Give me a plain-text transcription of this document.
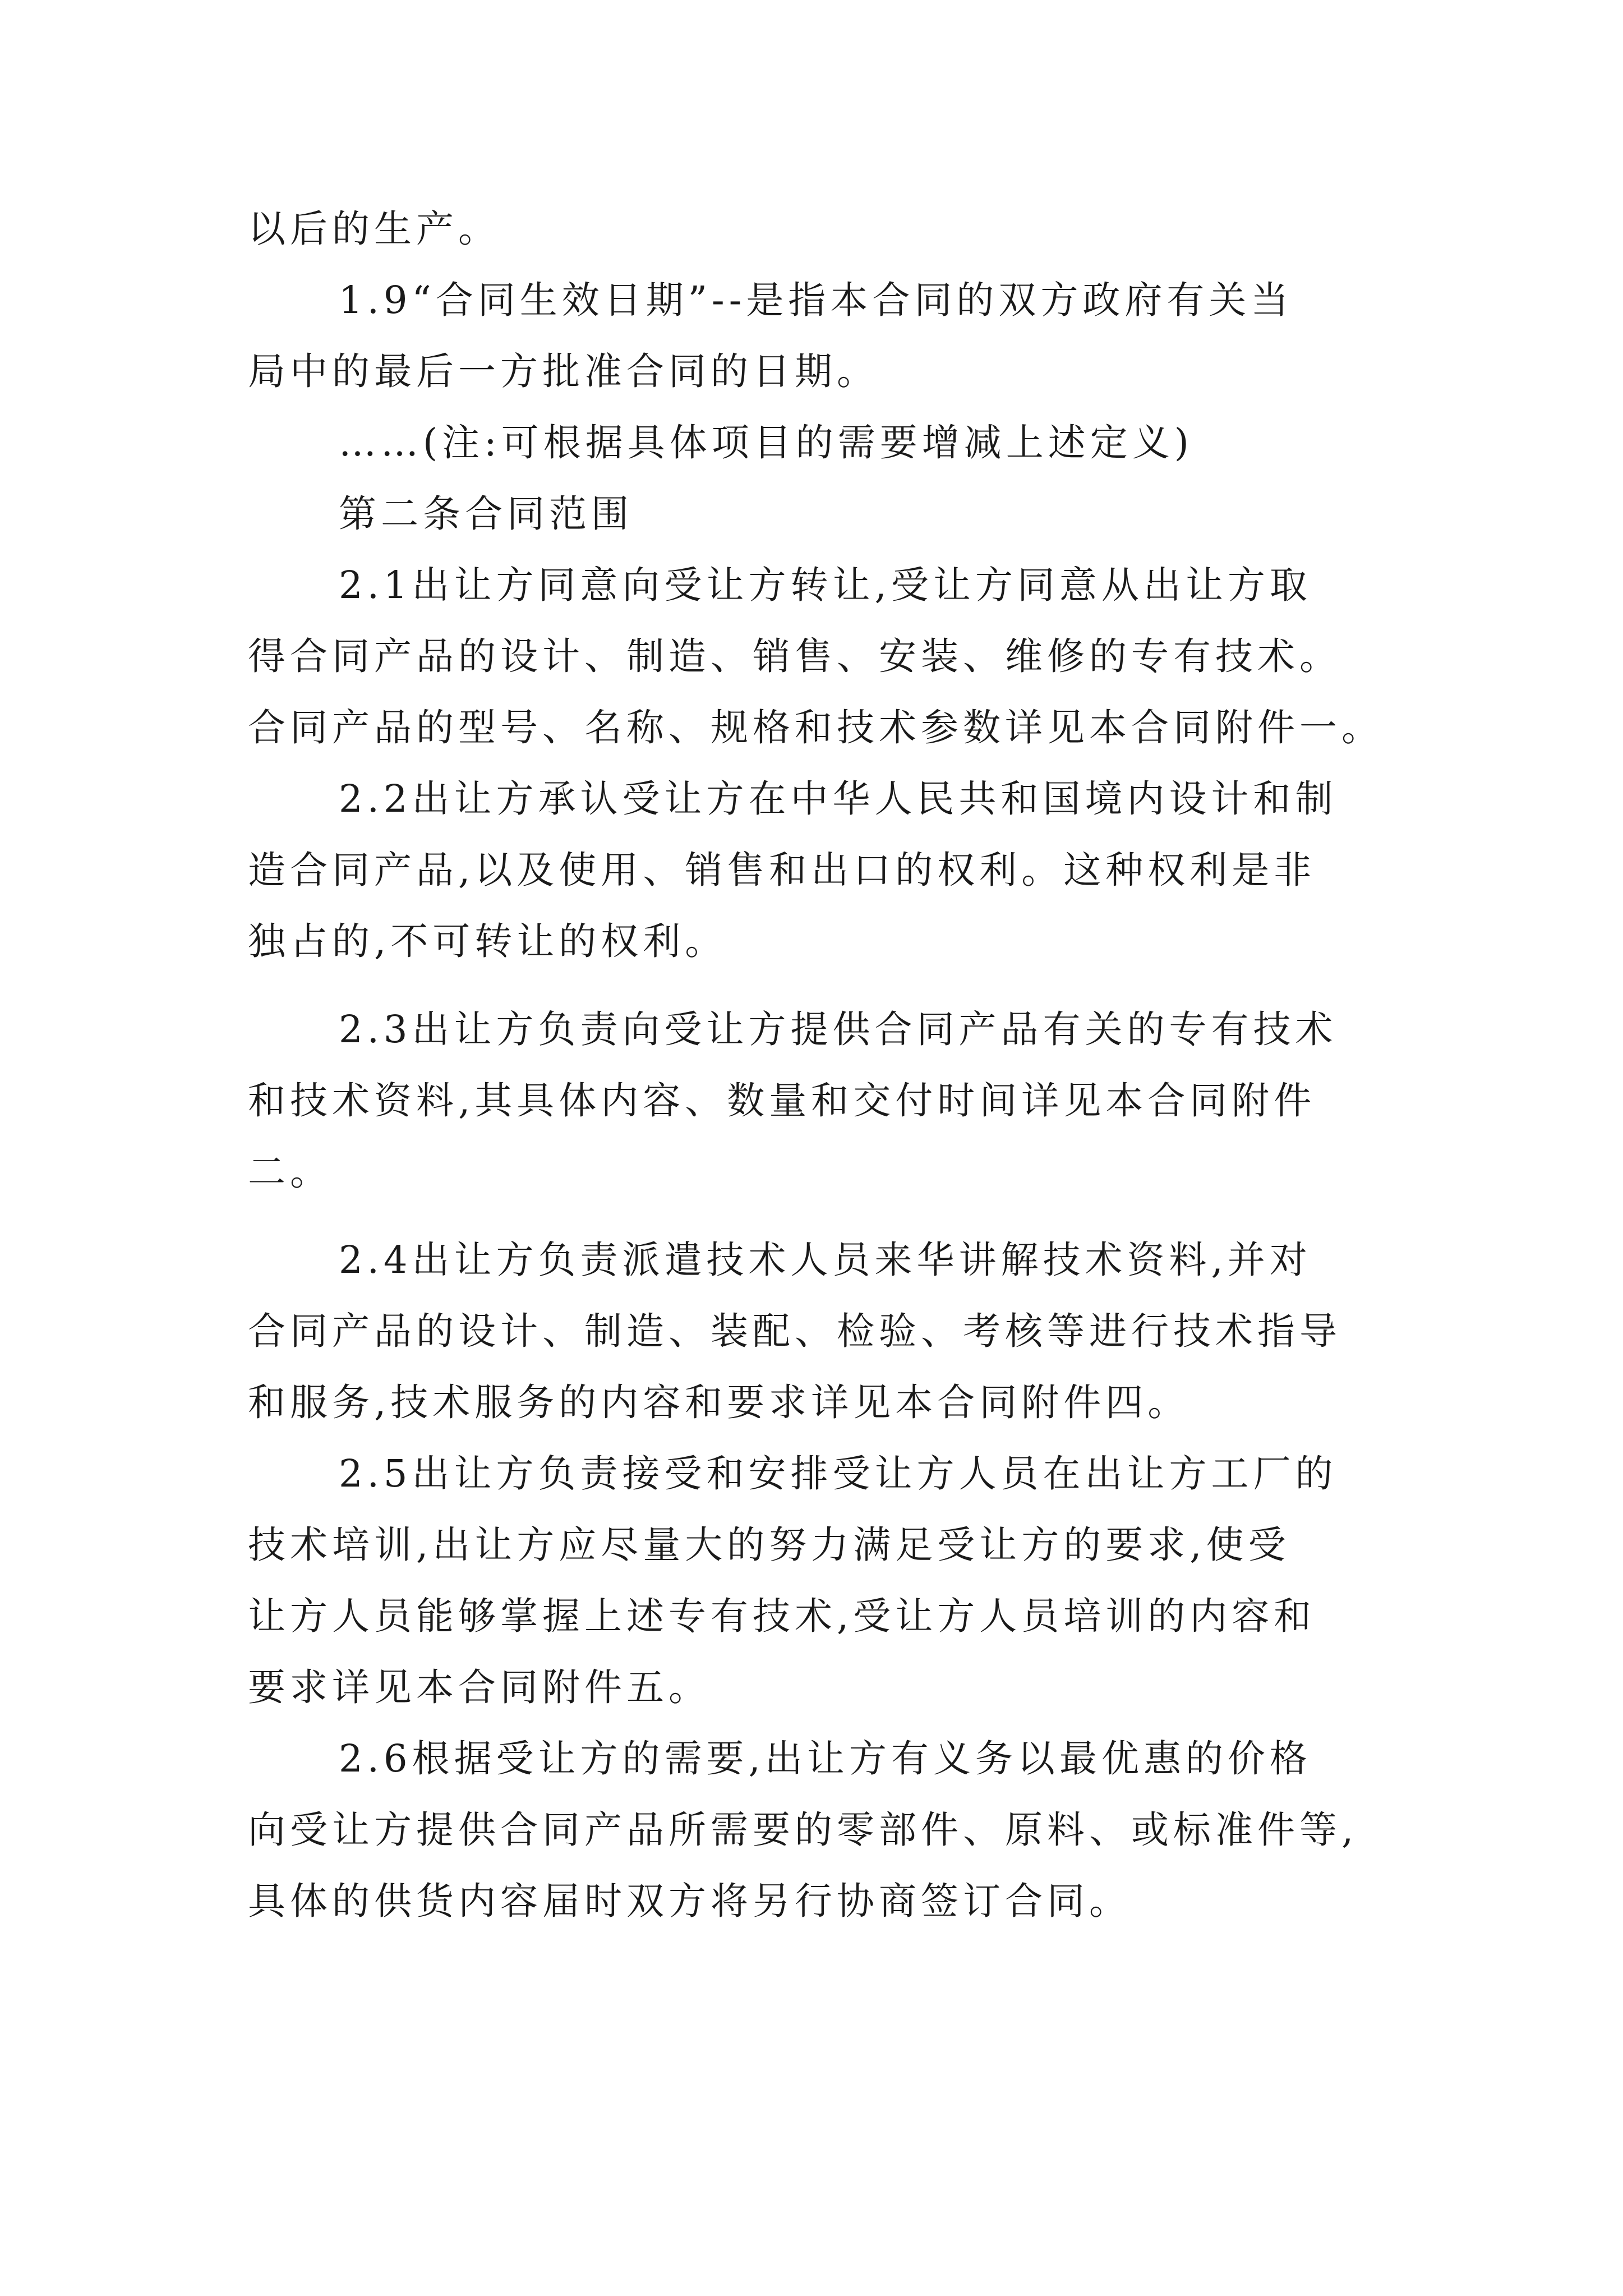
以后的生产。
1.9“合同生效日期”--是指本合同的双方政府有关当
局中的最后一方批准合同的日期。
……(注:可根据具体项目的需要增减上述定义)
第二条合同范围
2.1出让方同意向受让方转让,受让方同意从出让方取
得合同产品的设计、制造、销售、安装、维修的专有技术。
合同产品的型号、名称、规格和技术参数详见本合同附件一。
2.2出让方承认受让方在中华人民共和国境内设计和制
造合同产品,以及使用、销售和出口的权利。这种权利是非
独占的,不可转让的权利。
2.3出让方负责向受让方提供合同产品有关的专有技术
和技术资料,其具体内容、数量和交付时间详见本合同附件
二。
2.4出让方负责派遣技术人员来华讲解技术资料,并对
合同产品的设计、制造、装配、检验、考核等进行技术指导
和服务,技术服务的内容和要求详见本合同附件四。
2.5出让方负责接受和安排受让方人员在出让方工厂的
技术培训,出让方应尽量大的努力满足受让方的要求,使受
让方人员能够掌握上述专有技术,受让方人员培训的内容和
要求详见本合同附件五。
2.6根据受让方的需要,出让方有义务以最优惠的价格
向受让方提供合同产品所需要的零部件、原料、或标准件等,
具体的供货内容届时双方将另行协商签订合同。
